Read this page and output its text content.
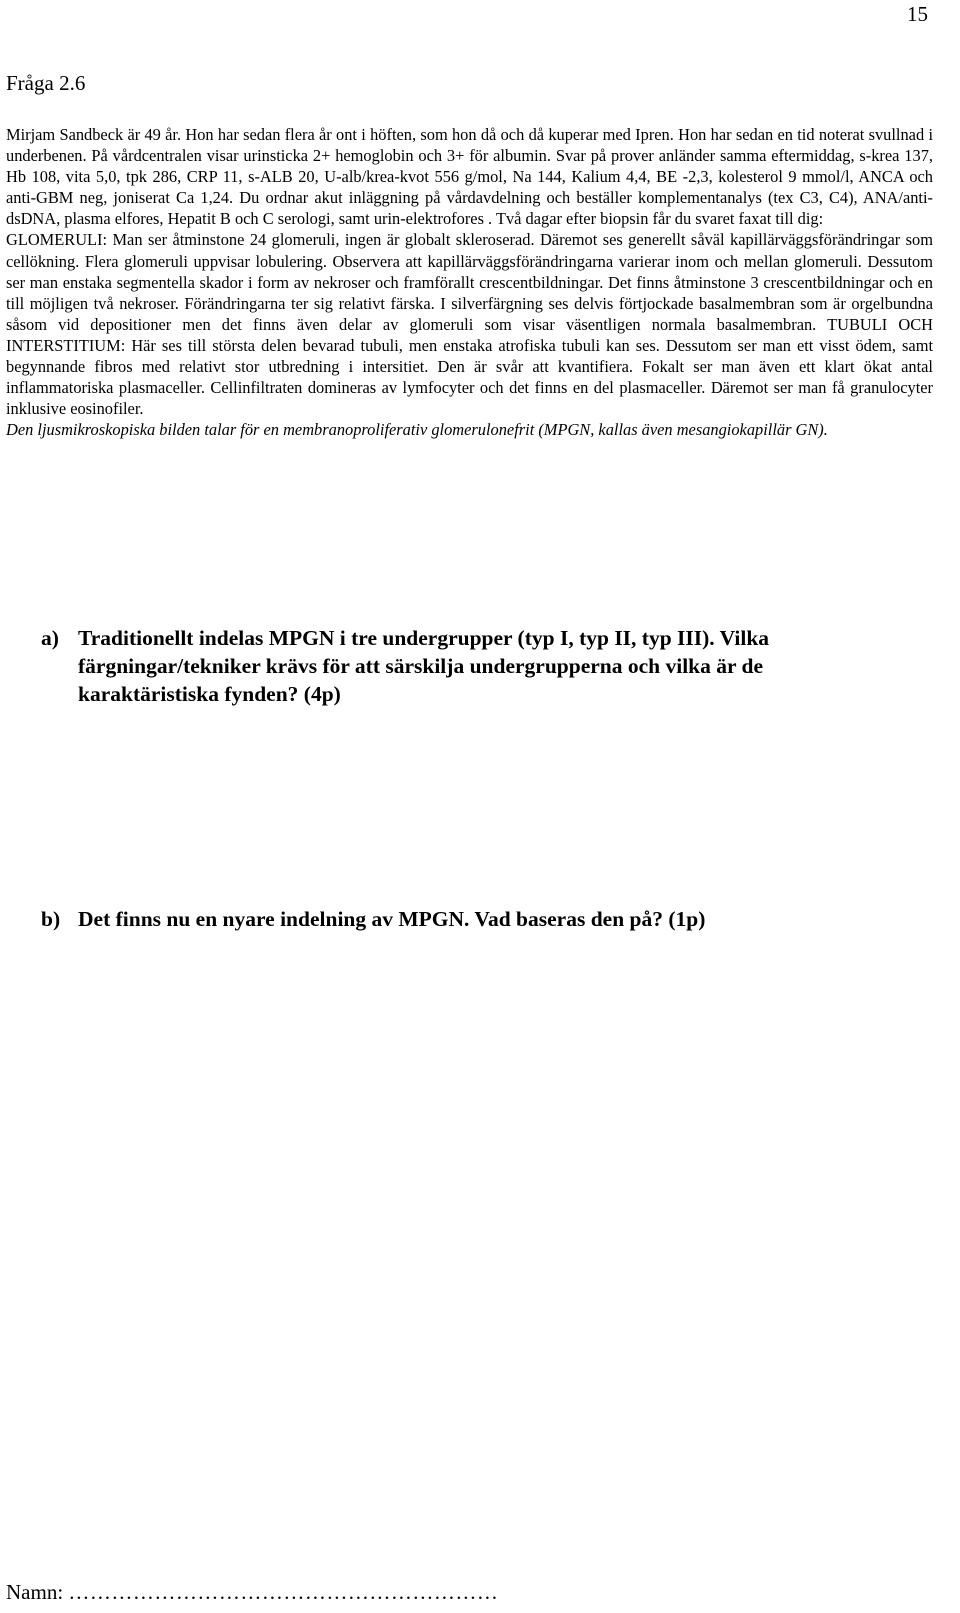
15
Fråga 2.6

Mirjam Sandbeck är 49 år. Hon har sedan flera år ont i höften, som hon då och då kuperar med Ipren. Hon har sedan en tid noterat svullnad i underbenen. På vårdcentralen visar urinsticka 2+ hemoglobin och 3+ för albumin. Svar på prover anländer samma eftermiddag, s-krea 137, Hb 108, vita 5,0, tpk 286, CRP 11, s-ALB 20, U-alb/krea-kvot 556 g/mol, Na 144, Kalium 4,4, BE -2,3, kolesterol 9 mmol/l, ANCA och anti-GBM neg, joniserat Ca 1,24. Du ordnar akut inläggning på vårdavdelning och beställer komplementanalys (tex C3, C4), ANA/anti-dsDNA, plasma elfores, Hepatit B och C serologi, samt urin-elektrofores . Två dagar efter biopsin får du svaret faxat till dig:

GLOMERULI: Man ser åtminstone 24 glomeruli, ingen är globalt skleroserad. Däremot ses generellt såväl kapillärväggsförändringar som cellökning. Flera glomeruli uppvisar lobulering. Observera att kapillärväggsförändringarna varierar inom och mellan glomeruli. Dessutom ser man enstaka segmentella skador i form av nekroser och framförallt crescentbildningar. Det finns åtminstone 3 crescentbildningar och en till möjligen två nekroser. Förändringarna ter sig relativt färska. I silverfärgning ses delvis förtjockade basalmembran som är orgelbundna såsom vid depositioner men det finns även delar av glomeruli som visar väsentligen normala basalmembran. TUBULI OCH INTERSTITIUM: Här ses till största delen bevarad tubuli, men enstaka atrofiska tubuli kan ses. Dessutom ser man ett visst ödem, samt begynnande fibros med relativt stor utbredning i intersitiet. Den är svår att kvantifiera. Fokalt ser man även ett klart ökat antal inflammatoriska plasmaceller. Cellinfiltraten domineras av lymfocyter och det finns en del plasmaceller. Däremot ser man få granulocyter inklusive eosinofiler.

Den ljusmikroskopiska bilden talar för en membranoproliferativ glomerulonefrit (MPGN, kallas även mesangiokapillär GN).

a) Traditionellt indelas MPGN i tre undergrupper (typ I, typ II, typ III). Vilka färgningar/tekniker krävs för att särskilja undergrupperna och vilka är de karaktäristiska fynden? (4p)
b) Det finns nu en nyare indelning av MPGN. Vad baseras den på? (1p)
Namn: ……………………………………………………
